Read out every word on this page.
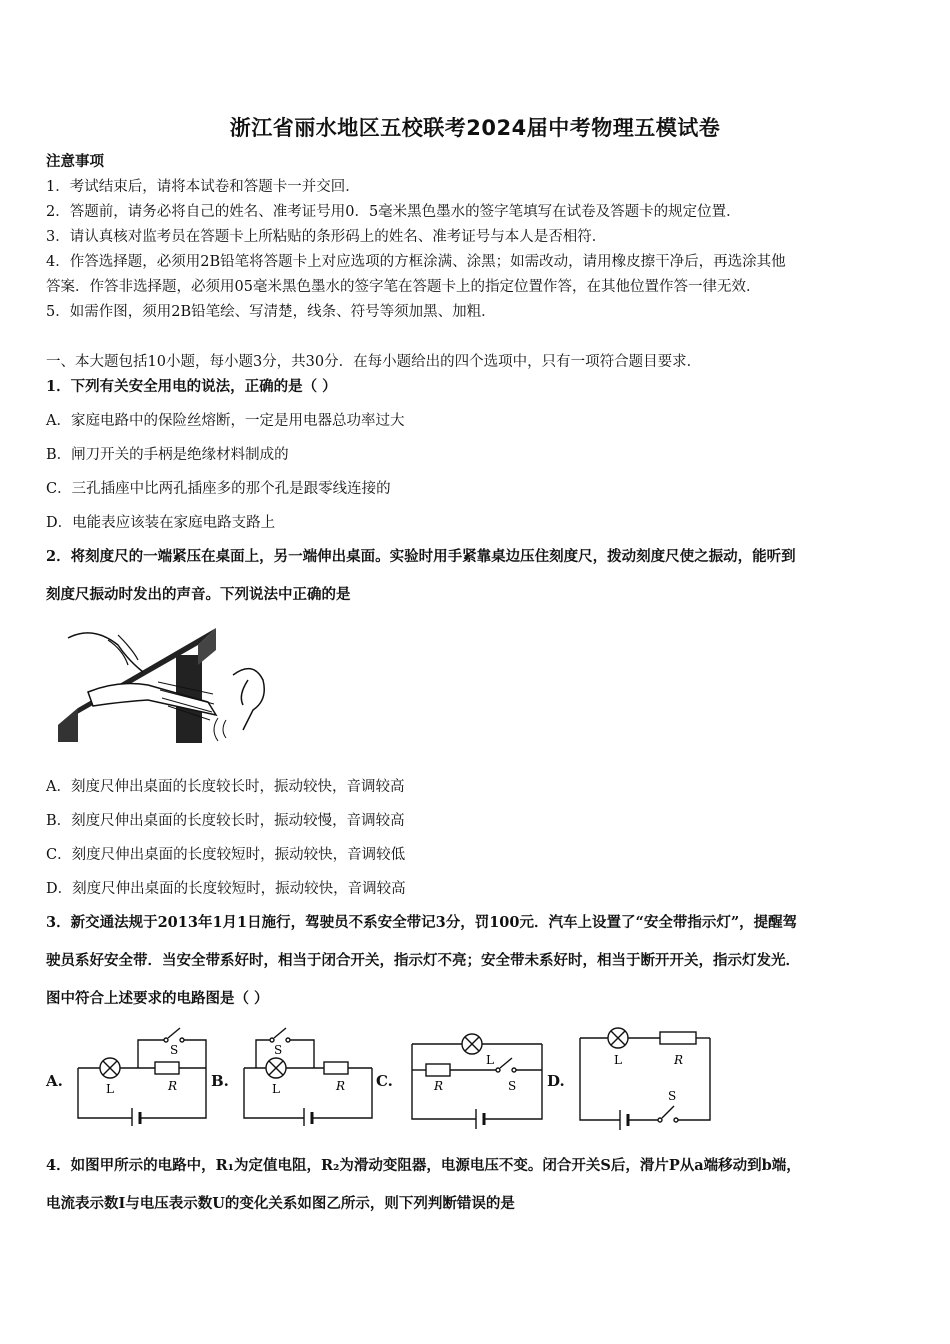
浙江省丽水地区五校联考2024届中考物理五模试卷
注意事项
1．考试结束后，请将本试卷和答题卡一并交回．
2．答题前，请务必将自己的姓名、准考证号用0．5毫米黑色墨水的签字笔填写在试卷及答题卡的规定位置．
3．请认真核对监考员在答题卡上所粘贴的条形码上的姓名、准考证号与本人是否相符．
4．作答选择题，必须用2B铅笔将答题卡上对应选项的方框涂满、涂黑；如需改动，请用橡皮擦干净后，再选涂其他
答案．作答非选择题，必须用05毫米黑色墨水的签字笔在答题卡上的指定位置作答，在其他位置作答一律无效．
5．如需作图，须用2B铅笔绘、写清楚，线条、符号等须加黑、加粗．
一、本大题包括10小题，每小题3分，共30分．在每小题给出的四个选项中，只有一项符合题目要求．
1．下列有关安全用电的说法，正确的是（ ）
A．家庭电路中的保险丝熔断，一定是用电器总功率过大
B．闸刀开关的手柄是绝缘材料制成的
C．三孔插座中比两孔插座多的那个孔是跟零线连接的
D．电能表应该装在家庭电路支路上
2．将刻度尺的一端紧压在桌面上，另一端伸出桌面。实验时用手紧靠桌边压住刻度尺，拨动刻度尺使之振动，能听到
刻度尺振动时发出的声音。下列说法中正确的是
A．刻度尺伸出桌面的长度较长时，振动较快，音调较高
B．刻度尺伸出桌面的长度较长时，振动较慢，音调较高
C．刻度尺伸出桌面的长度较短时，振动较快，音调较低
D．刻度尺伸出桌面的长度较短时，振动较快，音调较高
3．新交通法规于2013年1月1日施行，驾驶员不系安全带记3分，罚100元．汽车上设置了“安全带指示灯”，提醒驾
驶员系好安全带．当安全带系好时，相当于闭合开关，指示灯不亮；安全带未系好时，相当于断开开关，指示灯发光．
图中符合上述要求的电路图是（ ）
A.	B.	C.	D.
L	R
S
L	R
S
L
R	S
L	R
S
4．如图甲所示的电路中，R₁为定值电阻，R₂为滑动变阻器，电源电压不变。闭合开关S后，滑片P从a端移动到b端，
电流表示数I与电压表示数U的变化关系如图乙所示，则下列判断错误的是
